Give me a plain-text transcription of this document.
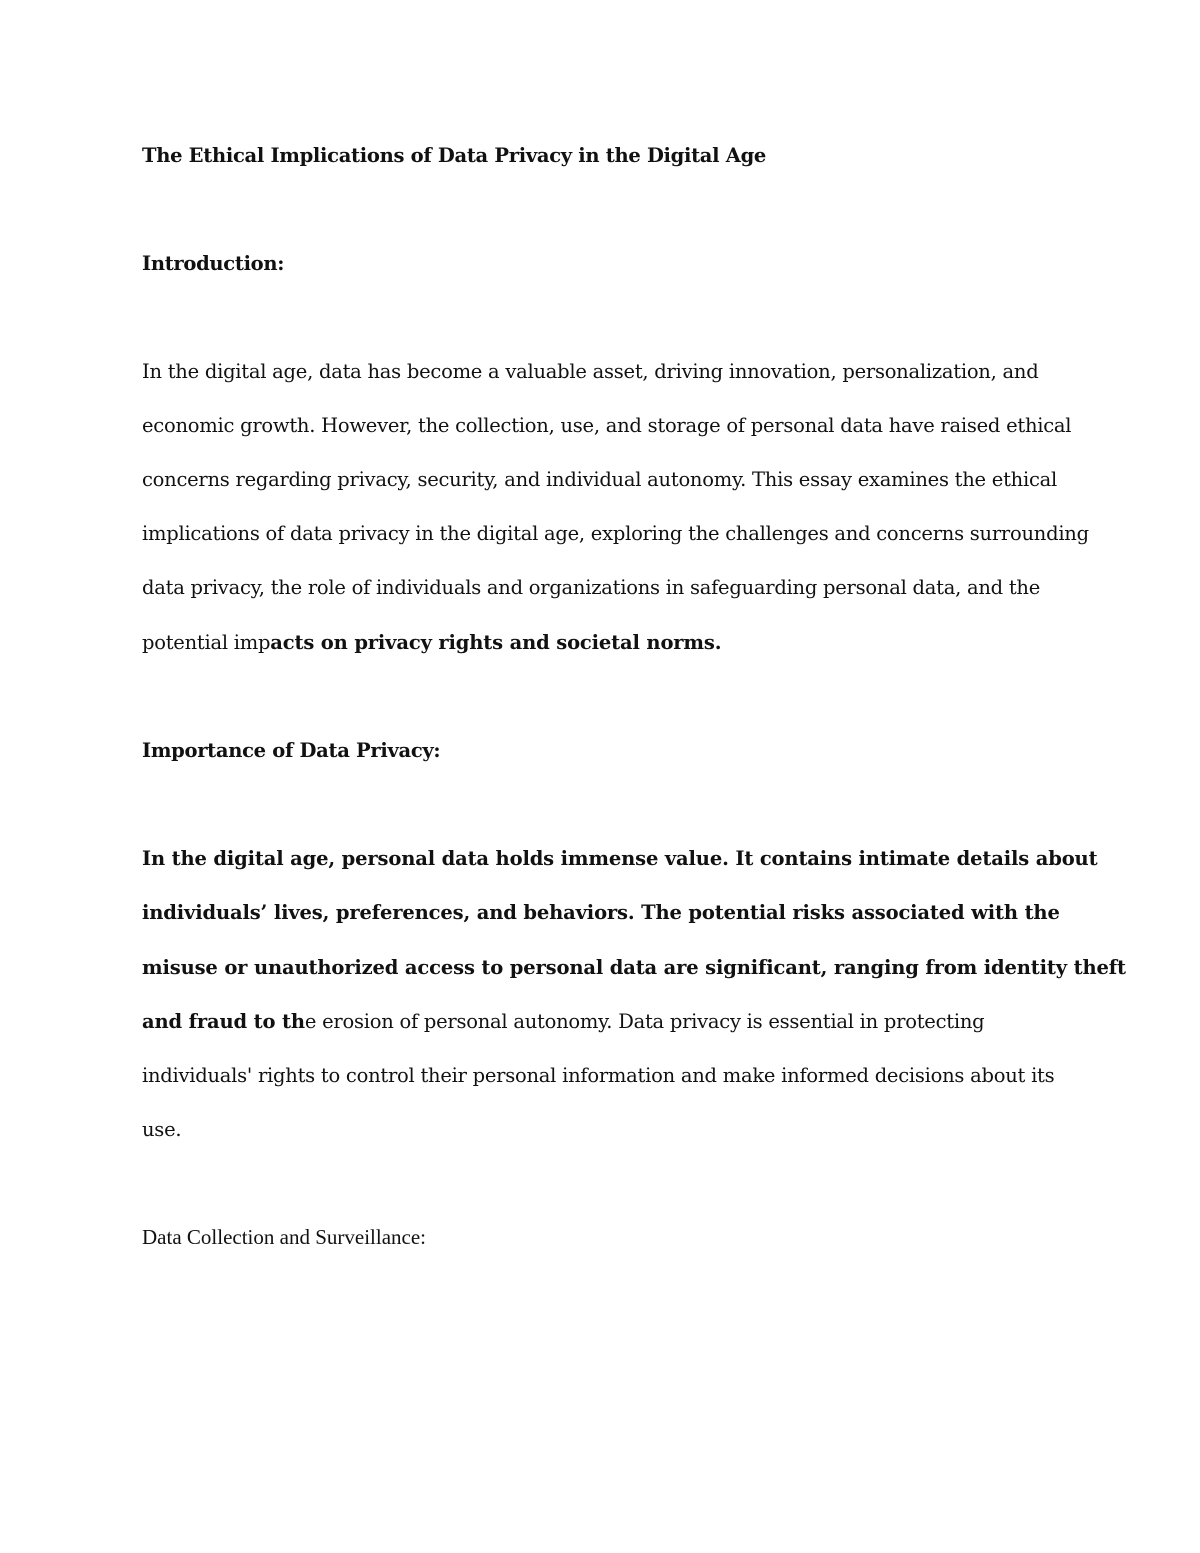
The Ethical Implications of Data Privacy in the Digital Age
Introduction:
In the digital age, data has become a valuable asset, driving innovation, personalization, and
economic growth. However, the collection, use, and storage of personal data have raised ethical
concerns regarding privacy, security, and individual autonomy. This essay examines the ethical
implications of data privacy in the digital age, exploring the challenges and concerns surrounding
data privacy, the role of individuals and organizations in safeguarding personal data, and the
potential impacts on privacy rights and societal norms.
Importance of Data Privacy:
In the digital age, personal data holds immense value. It contains intimate details about
individuals’ lives, preferences, and behaviors. The potential risks associated with the
misuse or unauthorized access to personal data are significant, ranging from identity theft
and fraud to the erosion of personal autonomy. Data privacy is essential in protecting
individuals' rights to control their personal information and make informed decisions about its
use.
Data Collection and Surveillance:
